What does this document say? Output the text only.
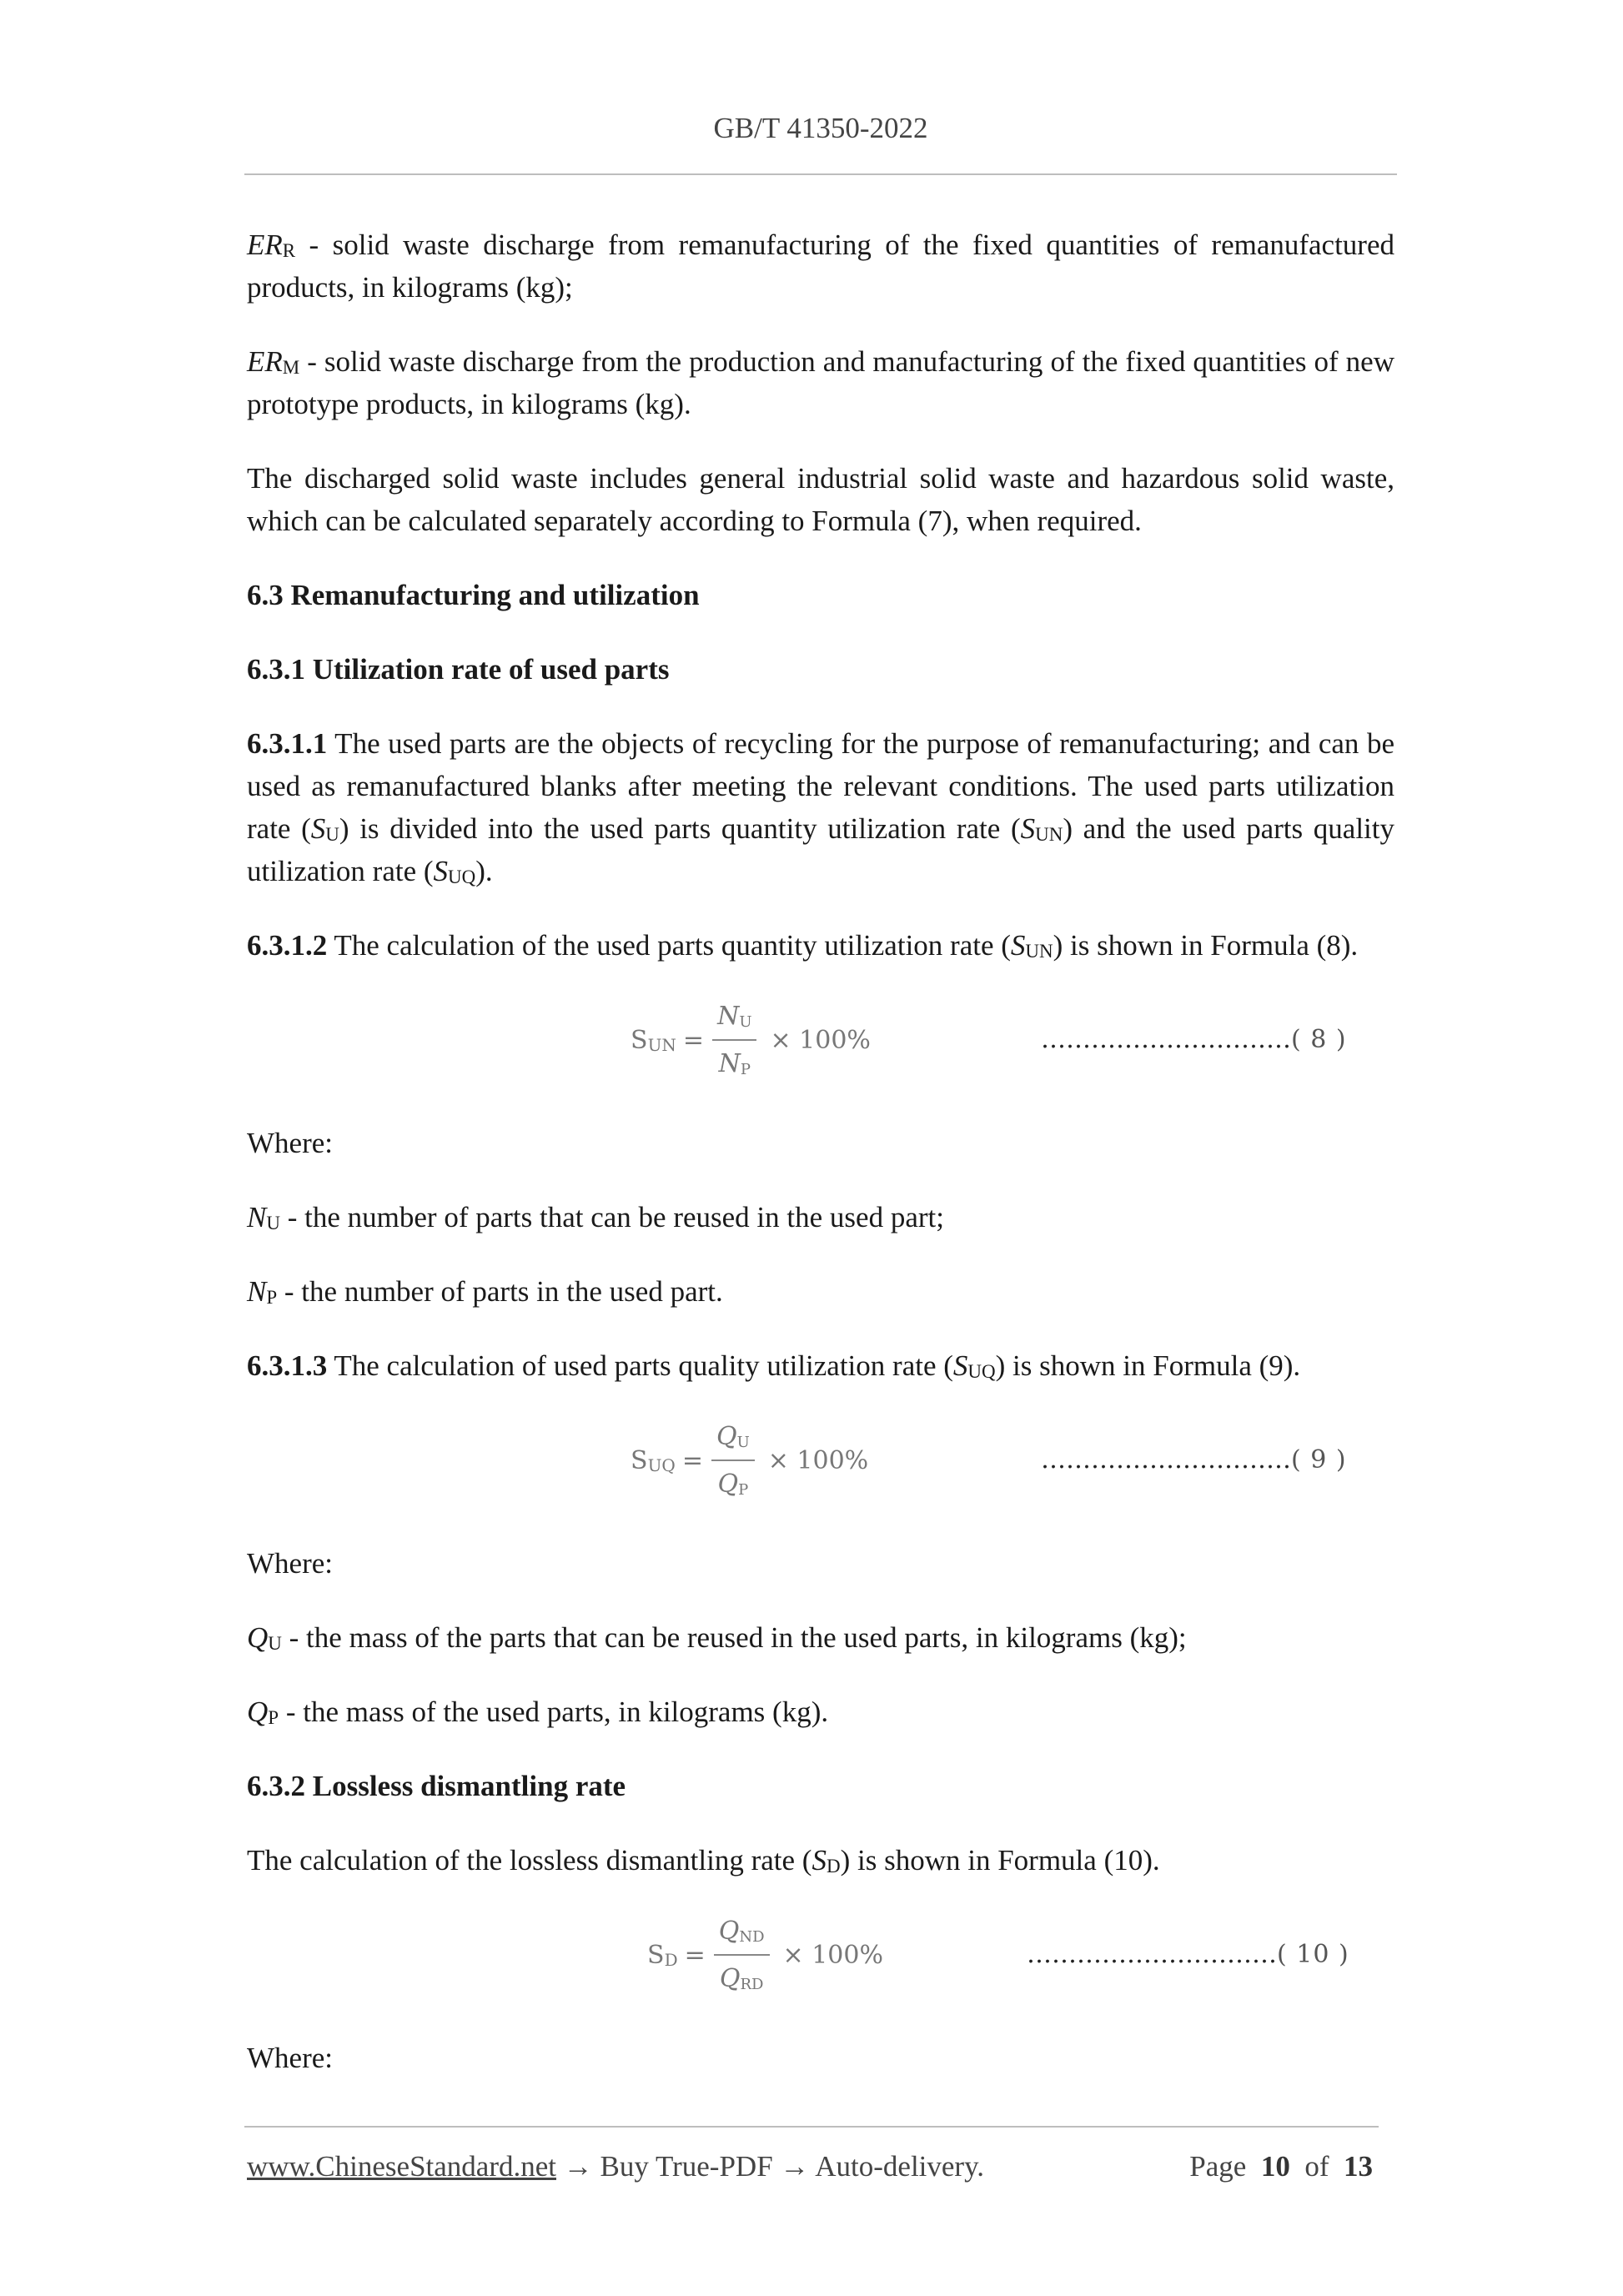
GB/T 41350-2022

$ER_R$ - solid waste discharge from remanufacturing of the fixed quantities of remanufactured products, in kilograms (kg);

$ER_M$ - solid waste discharge from the production and manufacturing of the fixed quantities of new prototype products, in kilograms (kg).

The discharged solid waste includes general industrial solid waste and hazardous solid waste, which can be calculated separately according to Formula (7), when required.

6.3 Remanufacturing and utilization

6.3.1 Utilization rate of used parts

6.3.1.1 The used parts are the objects of recycling for the purpose of remanufacturing; and can be used as remanufactured blanks after meeting the relevant conditions. The used parts utilization rate $(S_U)$ is divided into the used parts quantity utilization rate $(S_{UN})$ and the used parts quality utilization rate $(S_{UQ})$.

6.3.1.2 The calculation of the used parts quantity utilization rate $(S_{UN})$ is shown in Formula (8).

$S_{UN} = \frac{N_U}{N_P} \times 100\%$	…………………………( 8 )

Where:

$N_U$ - the number of parts that can be reused in the used part;

$N_P$ - the number of parts in the used part.

6.3.1.3 The calculation of used parts quality utilization rate $(S_{UQ})$ is shown in Formula (9).

$S_{UQ} = \frac{Q_U}{Q_P} \times 100\%$	…………………………( 9 )

Where:

$Q_U$ - the mass of the parts that can be reused in the used parts, in kilograms (kg);

$Q_P$ - the mass of the used parts, in kilograms (kg).

6.3.2 Lossless dismantling rate

The calculation of the lossless dismantling rate $(S_D)$ is shown in Formula (10).

$S_D = \frac{Q_{ND}}{Q_{RD}} \times 100\%$	…………………………( 10 )

Where:

www.ChineseStandard.net → Buy True-PDF → Auto-delivery.	Page 10 of 13
